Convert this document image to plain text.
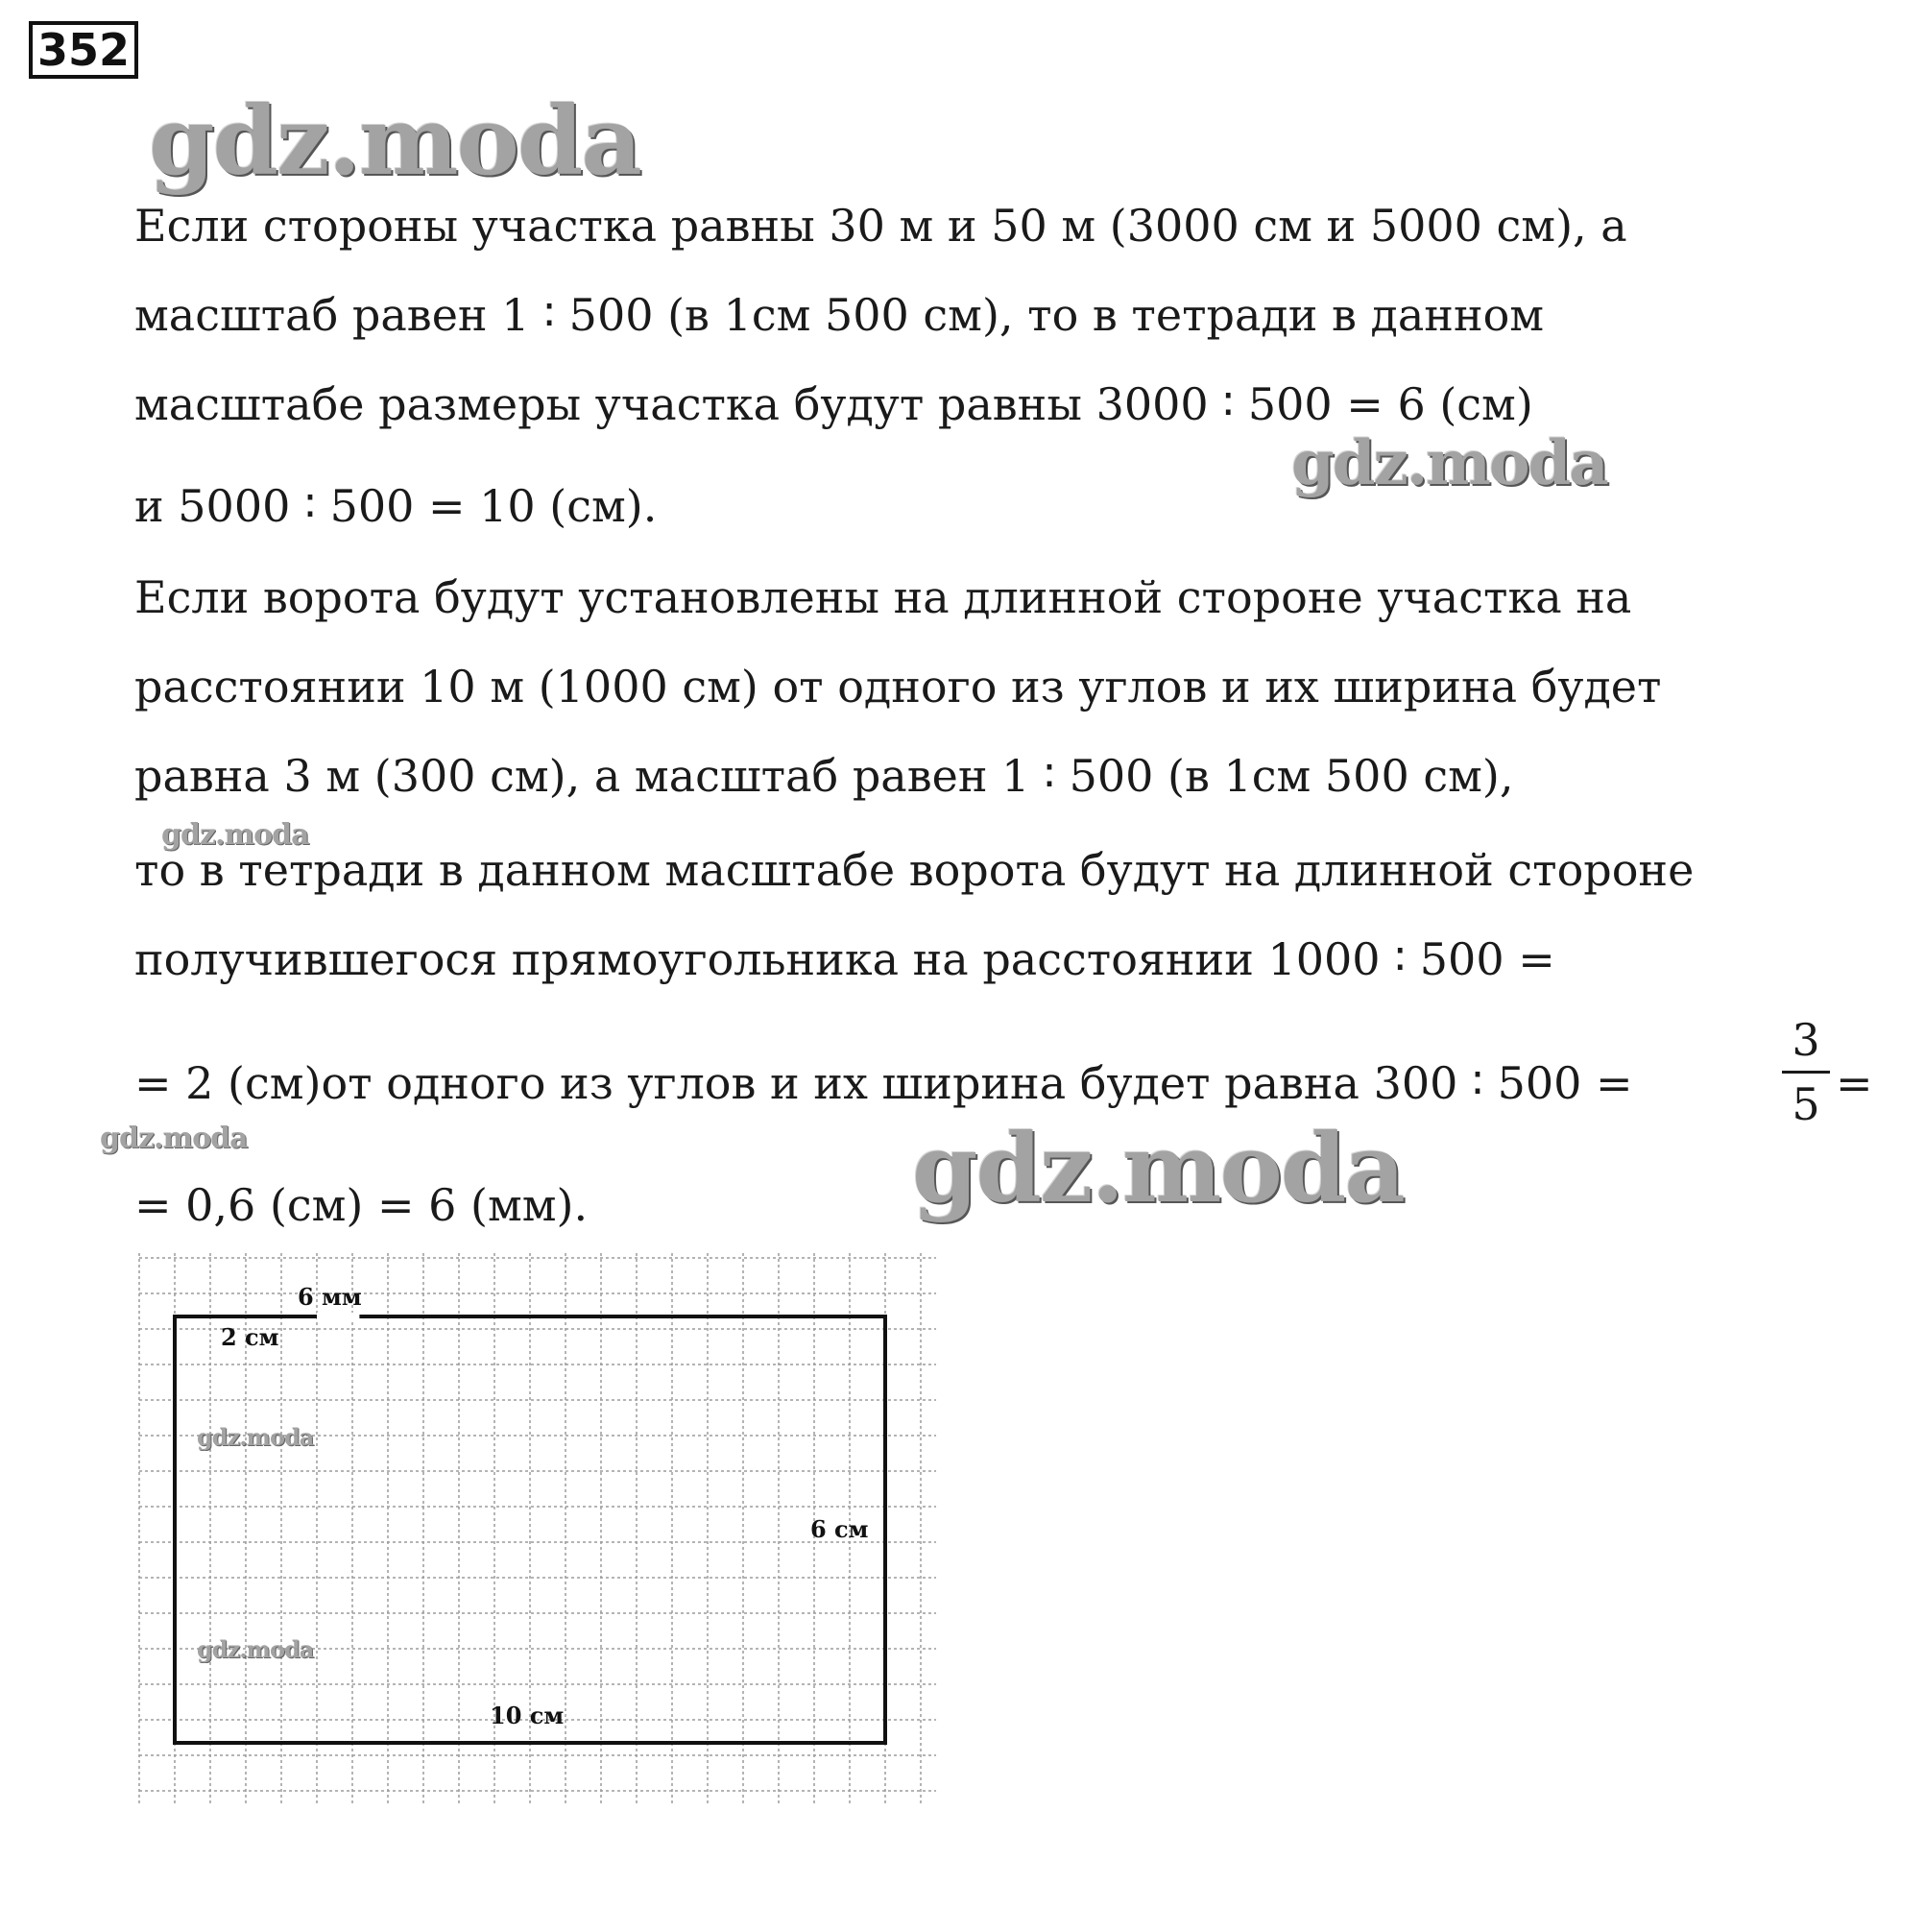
352
Если стороны участка равны 30 м и 50 м (3000 см и 5000 см), а
масштаб равен 1 ∶ 500 (в 1см 500 см), то в тетради в данном
масштабе размеры участка будут равны 3000 ∶ 500 = 6 (см)
и 5000 ∶ 500 = 10 (см).
Если ворота будут установлены на длинной стороне участка на
расстоянии 10 м (1000 см) от одного из углов и их ширина будет
равна 3 м (300 см), а масштаб равен 1 ∶ 500 (в 1см 500 см),
то в тетради в данном масштабе ворота будут на длинной стороне
получившегося прямоугольника на расстоянии 1000 ∶ 500 =
= 2 (см)от одного из углов и их ширина будет равна 300 ∶ 500 =
= 0,6 (см) = 6 (мм).
3
5 =
6 мм
2 см
6 см
10 см
gdz.moda
gdz.moda
gdz.moda
gdz.moda	gdz.moda
gdz.moda
gdz.moda
